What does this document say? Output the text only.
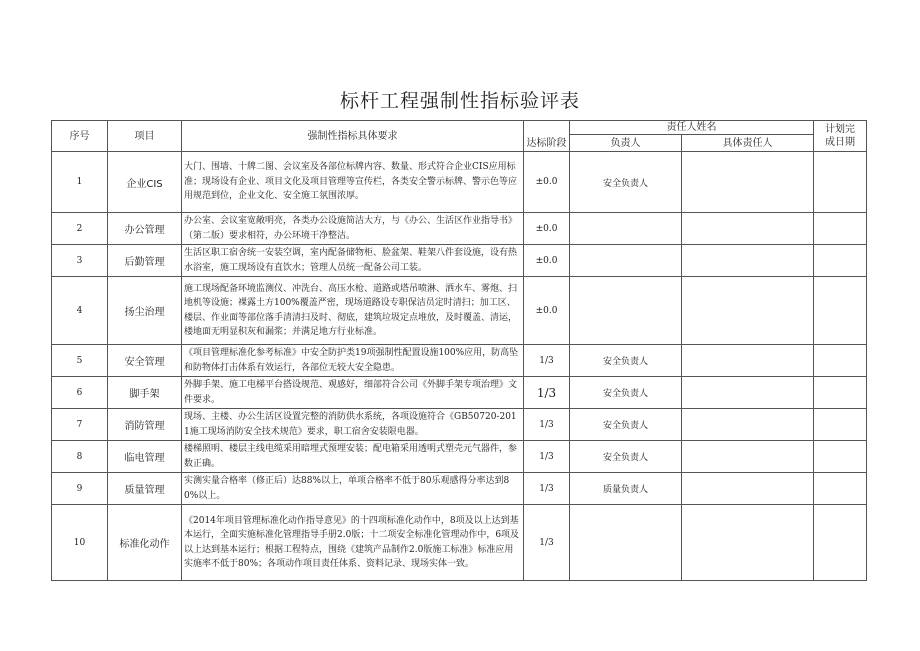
标杆工程强制性指标验评表
序号	项目	强制性指标具体要求	达标阶段	责任人姓名		计划完
成日期

				负责人	具体责任人	
1	企业CIS	大门、围墙、十牌二图、会议室及各部位标牌内容、数量、形式符合企业CIS应用标准；现场设有企业、项目文化及项目管理等宣传栏，各类安全警示标牌、警示色等应用规范到位，企业文化、安全施工氛围浓厚。	±0.0	安全负责人		
2	办公管理	办公室、会议室宽敞明亮，各类办公设施简洁大方，与《办公、生活区作业指导书》（第二版）要求相符，办公环境干净整洁。	±0.0			
3	后勤管理	生活区职工宿舍统一安装空调，室内配备储物柜、脸盆架、鞋架八件套设施，设有热水浴室，施工现场设有直饮水；管理人员统一配备公司工装。	±0.0			
4	扬尘治理	施工现场配备环境监测仪、冲洗台、高压水枪、道路或塔吊喷淋、洒水车、雾炮、扫地机等设施；裸露土方100%覆盖严密，现场道路设专职保洁员定时清扫；加工区、楼层、作业面等部位落手清清扫及时、彻底，建筑垃圾定点堆放，及时覆盖、清运，楼地面无明显积灰和漏浆；并满足地方行业标准。	±0.0			
5	安全管理	《项目管理标准化参考标准》中安全防护类19项强制性配置设施100%应用，防高坠和防物体打击体系有效运行，各部位无较大安全隐患。	1/3	安全负责人		
6	脚手架	外脚手架、施工电梯平台搭设规范、观感好，细部符合公司《外脚手架专项治理》文件要求。	1/3	安全负责人		
7	消防管理	现场、主楼、办公生活区设置完整的消防供水系统，各项设施符合《GB50720-2011施工现场消防安全技术规范》要求，职工宿舍安装限电器。	1/3	安全负责人		
8	临电管理	楼梯照明、楼层主线电缆采用暗埋式预埋安装；配电箱采用透明式塑壳元气器件，参数正确。	1/3	安全负责人		
9	质量管理	实测实量合格率（修正后）达88%以上，单项合格率不低于80乐观感得分率达到80%以上。	1/3	质量负责人		
10	标准化动作	《2014年项目管理标准化动作指导意见》的十四项标准化动作中，8项及以上达到基本运行，全面实施标准化管理指导手册2.0版；十二项安全标准化管理动作中，6项及以上达到基本运行；根据工程特点，围绕《建筑产品制作2.0版施工标准》标准应用实施率不低于80%；各项动作项目责任体系、资料记录、现场实体一致。	1/3			
